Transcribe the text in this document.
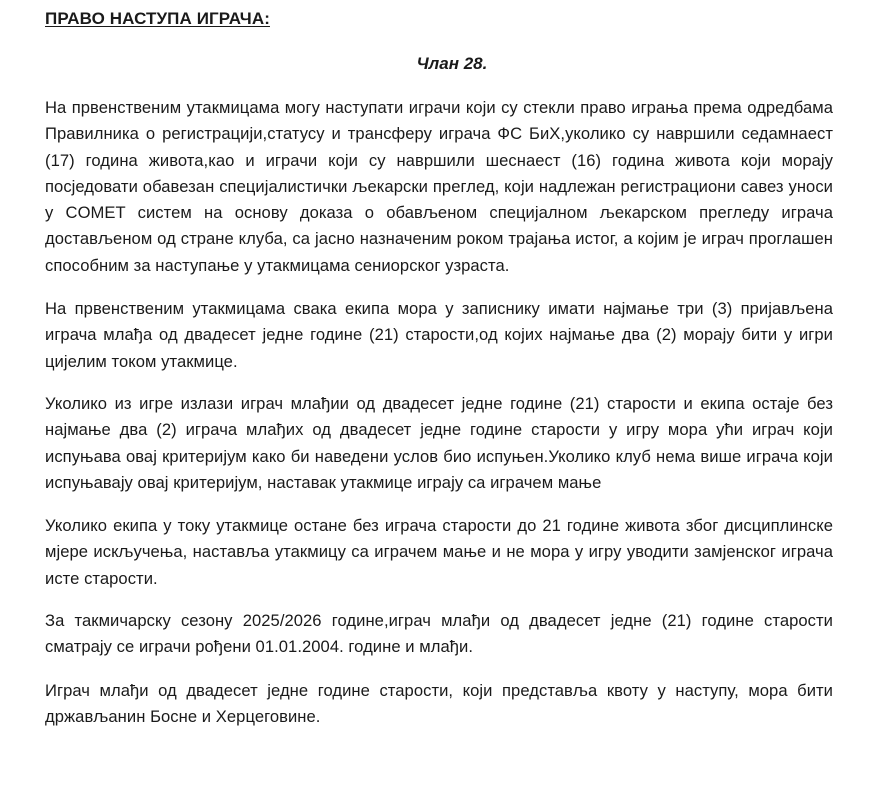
ПРАВО НАСТУПА ИГРАЧА:
Члан 28.

На првенственим утакмицама могу наступати играчи који су стекли право играња према одредбама Правилника о регистрацији,статусу и трансферу играча ФС БиХ,уколико су навршили седамнаест (17) година живота,као и играчи који су навршили шеснаест (16) година живота који морају посједовати обавезан специјалистички љекарски преглед, који надлежан регистрациони савез уноси у COMET систем на основу доказа о обављеном специјалном љекарском прегледу играча достављеном од стране клуба, са јасно назначеним роком трајања истог, а којим је играч проглашен способним за наступање у утакмицама сениорског узраста.

На првенственим утакмицама свака екипа мора у записнику имати најмање три (3) пријављена играча млађа од двадесет једне године (21) старости,од којих најмање два (2) морају бити у игри цијелим током утакмице.

Уколико из игре излази играч млађии од двадесет једне године (21) старости и екипа остаје без најмање два (2) играча млађих од двадесет једне године старости у игру мора ући играч који испуњава овај критеријум како би наведени услов био испуњен.Уколико клуб нема више играча који испуњавају овај критеријум, наставак утакмице играју са играчем мање

Уколико екипа у току утакмице остане без играча старости до 21 године живота због дисциплинске мјере искључења, наставља утакмицу са играчем мање и не мора у игру уводити замјенског играча исте старости.

За такмичарску сезону 2025/2026 године,играч млађи од двадесет једне (21) године старости сматрају се играчи рођени 01.01.2004. године и млађи.

Играч млађи од двадесет једне године старости, који представља квоту у наступу, мора бити држављанин Босне и Херцеговине.
